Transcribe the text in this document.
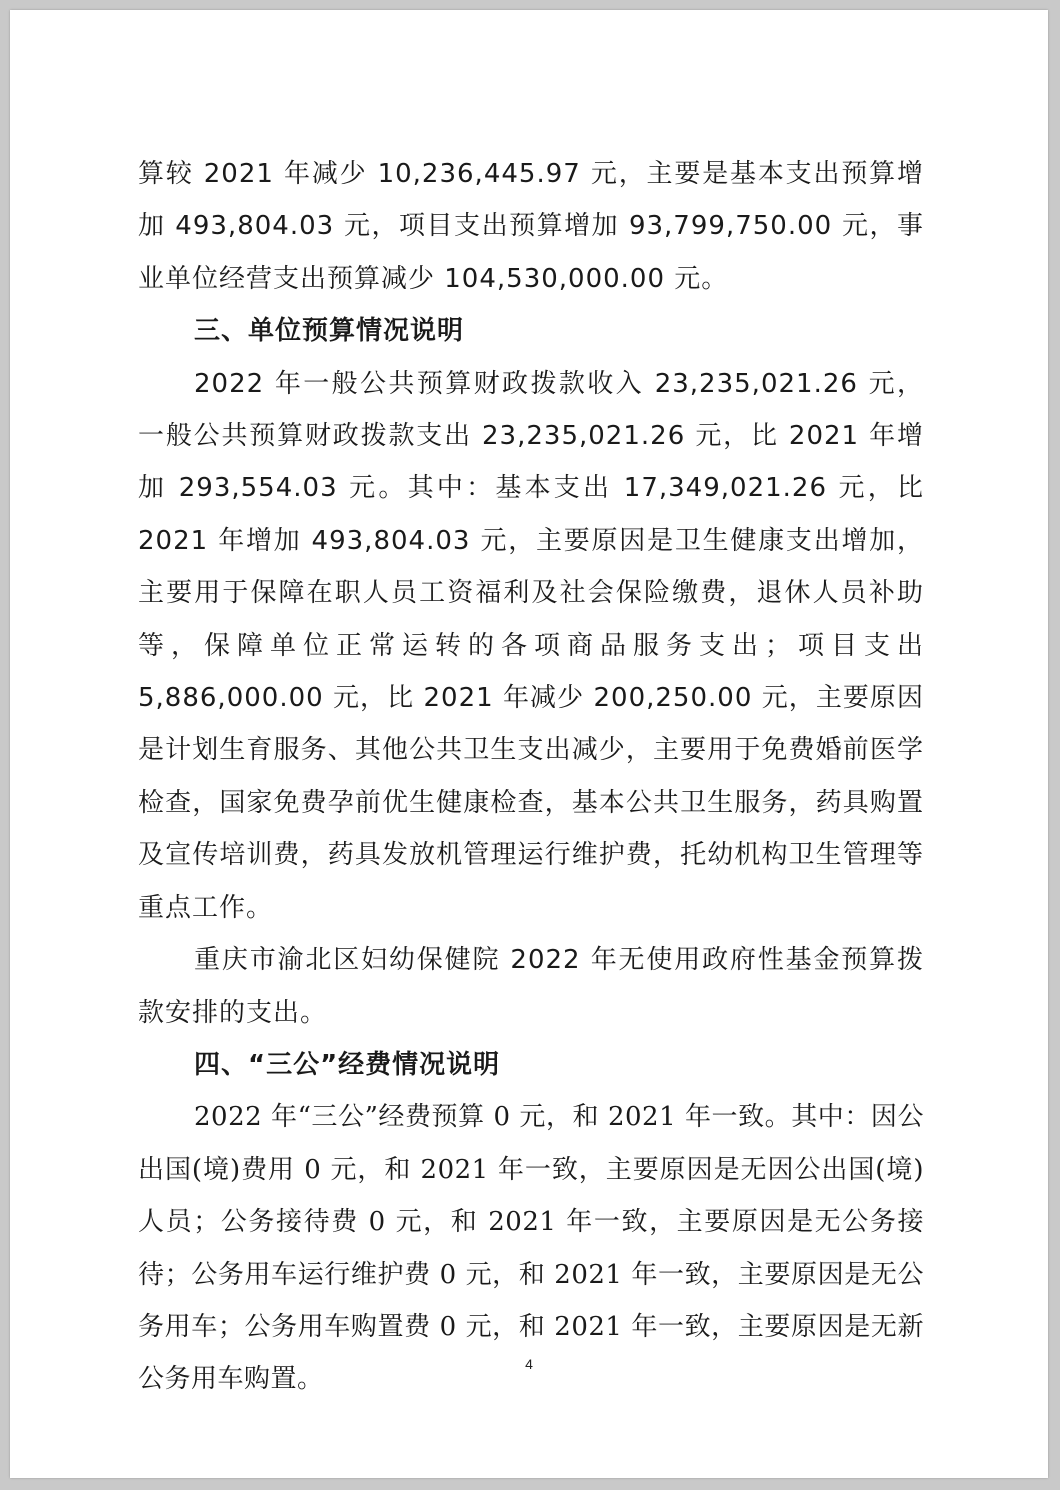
算较 2021 年减少 10,236,445.97 元，主要是基本支出预算增加 493,804.03 元，项目支出预算增加 93,799,750.00 元，事业单位经营支出预算减少 104,530,000.00 元。

三、单位预算情况说明

2022 年一般公共预算财政拨款收入 23,235,021.26 元，一般公共预算财政拨款支出 23,235,021.26 元，比 2021 年增加 293,554.03 元。其中：基本支出 17,349,021.26 元，比 2021 年增加 493,804.03 元，主要原因是卫生健康支出增加，主要用于保障在职人员工资福利及社会保险缴费，退休人员补助等，保障单位正常运转的各项商品服务支出；项目支出 5,886,000.00 元，比 2021 年减少 200,250.00 元，主要原因是计划生育服务、其他公共卫生支出减少，主要用于免费婚前医学检查，国家免费孕前优生健康检查，基本公共卫生服务，药具购置及宣传培训费，药具发放机管理运行维护费，托幼机构卫生管理等重点工作。

重庆市渝北区妇幼保健院 2022 年无使用政府性基金预算拨款安排的支出。

四、“三公”经费情况说明

2022 年“三公”经费预算 0 元，和 2021 年一致。其中：因公出国(境)费用 0 元，和 2021 年一致，主要原因是无因公出国(境)人员；公务接待费 0 元，和 2021 年一致，主要原因是无公务接待；公务用车运行维护费 0 元，和 2021 年一致，主要原因是无公务用车；公务用车购置费 0 元，和 2021 年一致，主要原因是无新公务用车购置。

4
